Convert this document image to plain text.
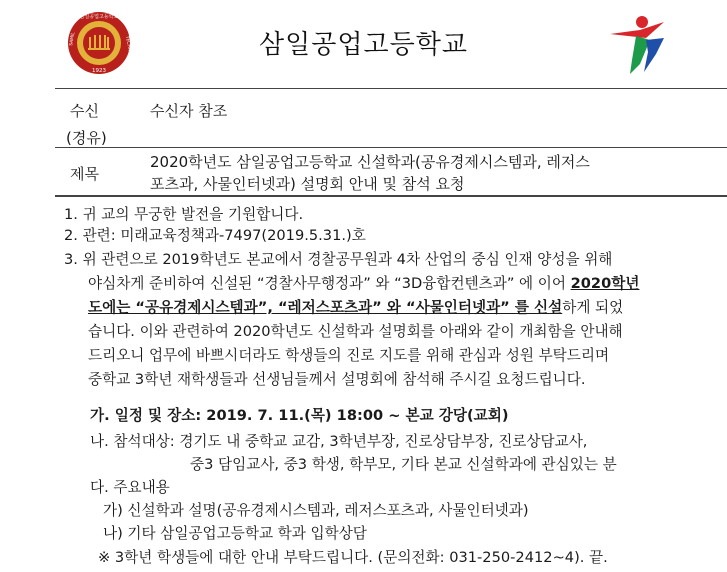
삼일공업고등학교
SAMIL	TECHNICAL
1923
삼일공업고등학교
수신	수신자 참조
(경유)
제목
2020학년도 삼일공업고등학교 신설학과(공유경제시스템과, 레저스
포츠과, 사물인터넷과) 설명회 안내 및 참석 요청
1. 귀 교의 무궁한 발전을 기원합니다.
2. 관련: 미래교육정책과-7497(2019.5.31.)호
3. 위 관련으로 2019학년도 본교에서 경찰공무원과 4차 산업의 중심 인재 양성을 위해
야심차게 준비하여 신설된 “경찰사무행정과” 와 “3D융합컨텐츠과” 에 이어 2020학년
도에는 “공유경제시스템과”, “레저스포츠과” 와 “사물인터넷과” 를 신설하게 되었
습니다. 이와 관련하여 2020학년도 신설학과 설명회를 아래와 같이 개최함을 안내해
드리오니 업무에 바쁘시더라도 학생들의 진로 지도를 위해 관심과 성원 부탁드리며
중학교 3학년 재학생들과 선생님들께서 설명회에 참석해 주시길 요청드립니다.
가. 일정 및 장소: 2019. 7. 11.(목) 18:00 ~ 본교 강당(교회)
나. 참석대상: 경기도 내 중학교 교감, 3학년부장, 진로상담부장, 진로상담교사,
중3 담임교사, 중3 학생, 학부모, 기타 본교 신설학과에 관심있는 분
다. 주요내용
가) 신설학과 설명(공유경제시스템과, 레저스포츠과, 사물인터넷과)
나) 기타 삼일공업고등학교 학과 입학상담
※ 3학년 학생들에 대한 안내 부탁드립니다. (문의전화: 031-250-2412~4). 끝.
